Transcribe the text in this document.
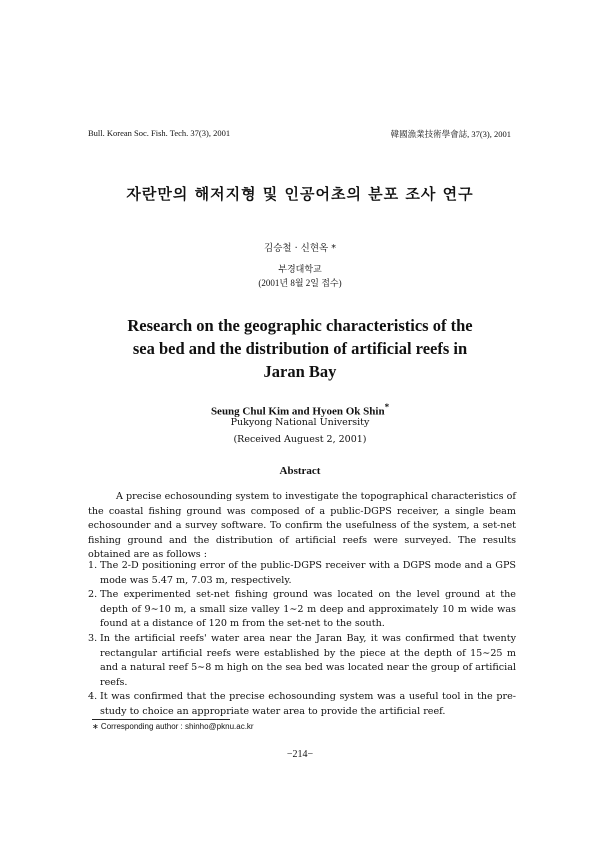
Bull. Korean Soc. Fish. Tech. 37(3), 2001	韓國漁業技術學會誌, 37(3), 2001
자란만의 해저지형 및 인공어초의 분포 조사 연구
김승철 · 신현옥 *
부경대학교
(2001년 8월 2일 접수)
Research on the geographic characteristics of the
sea bed and the distribution of artificial reefs in
Jaran Bay
Seung Chul Kim and Hyoen Ok Shin*
Pukyong National University
(Received Auguest 2, 2001)
Abstract
A precise echosounding system to investigate the topographical characteristics of the coastal fishing ground was composed of a public-DGPS receiver, a single beam echosounder and a survey software. To confirm the usefulness of the system, a set-net fishing ground and the distribution of artificial reefs were surveyed. The results obtained are as follows :
1. The 2-D positioning error of the public-DGPS receiver with a DGPS mode and a GPS mode was 5.47 m, 7.03 m, respectively.
2. The experimented set-net fishing ground was located on the level ground at the depth of 9∼10 m, a small size valley 1∼2 m deep and approximately 10 m wide was found at a distance of 120 m from the set-net to the south.
3. In the artificial reefs' water area near the Jaran Bay, it was confirmed that twenty rectangular artificial reefs were established by the piece at the depth of 15∼25 m and a natural reef 5∼8 m high on the sea bed was located near the group of artificial reefs.
4. It was confirmed that the precise echosounding system was a useful tool in the pre-study to choice an appropriate water area to provide the artificial reef.
∗ Corresponding author : shinho@pknu.ac.kr
−214−
